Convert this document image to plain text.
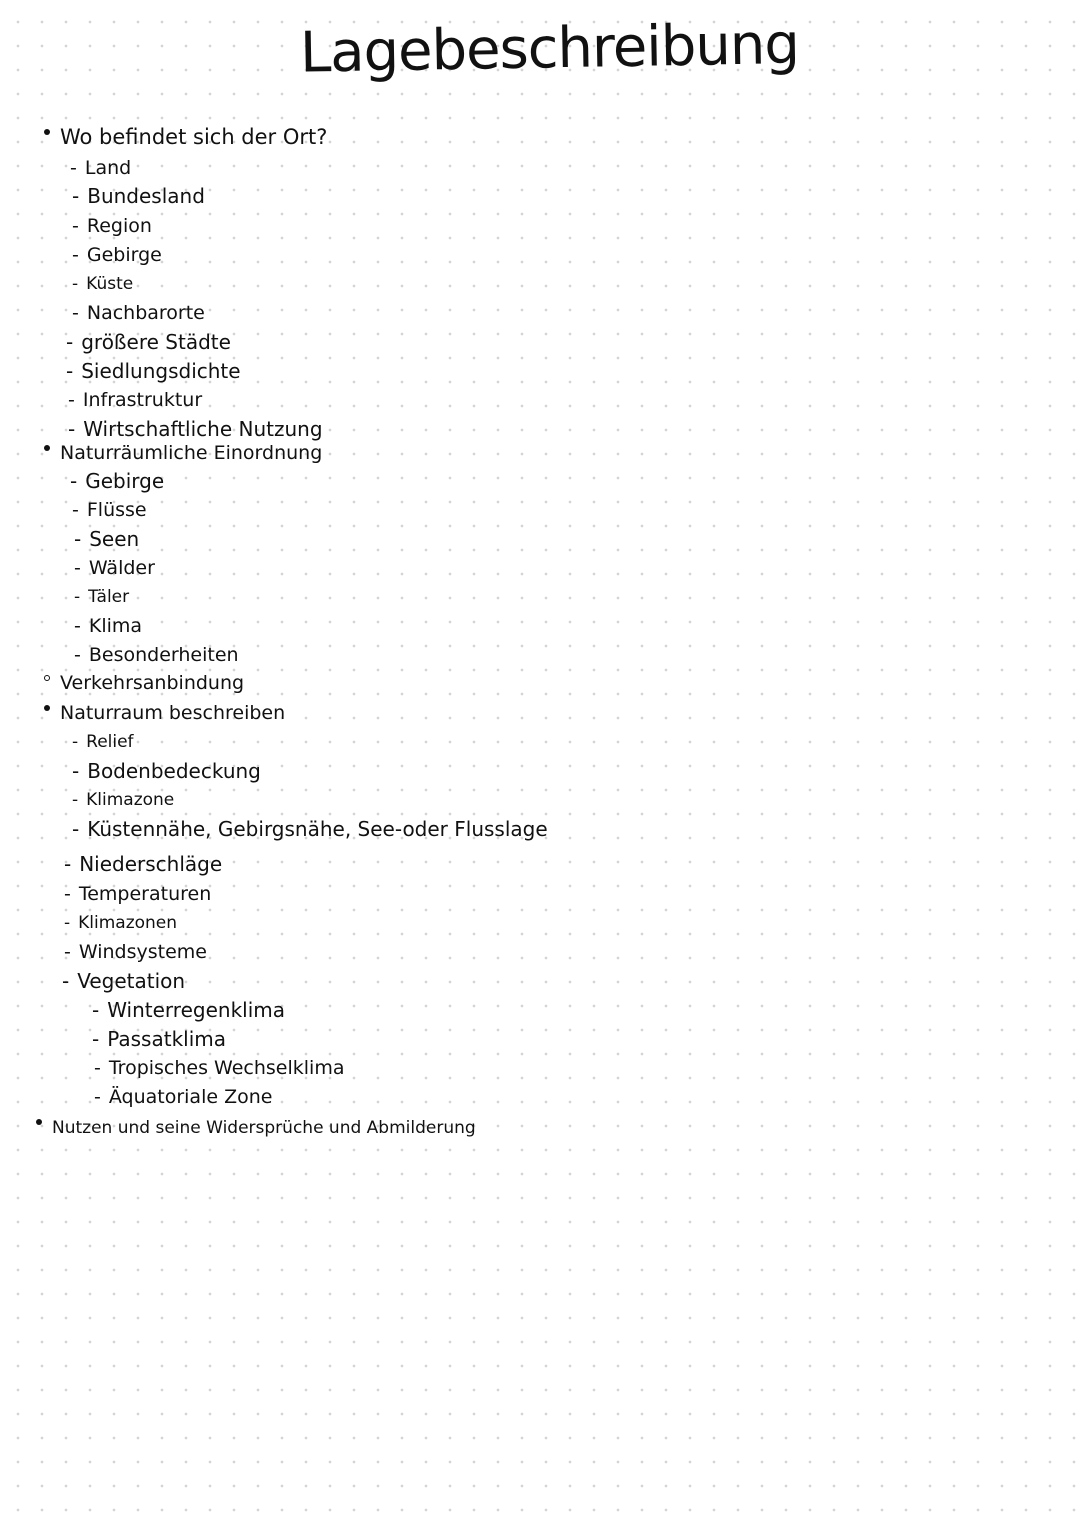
Lagebeschreibung
Wo befindet sich der Ort?
- Land
- Bundesland
- Region
- Gebirge
- Küste
- Nachbarorte
- größere Städte
- Siedlungsdichte
- Infrastruktur
- Wirtschaftliche Nutzung
Naturräumliche Einordnung
- Gebirge
- Flüsse
- Seen
- Wälder
- Täler
- Klima
- Besonderheiten
Verkehrsanbindung
Naturraum beschreiben
- Relief
- Bodenbedeckung
- Klimazone
- Küstennähe, Gebirgsnähe, See-oder Flusslage
- Niederschläge
- Temperaturen
- Klimazonen
- Windsysteme
- Vegetation
- Winterregenklima
- Passatklima
- Tropisches Wechselklima
- Äquatoriale Zone
Nutzen und seine Widersprüche und Abmilderung
